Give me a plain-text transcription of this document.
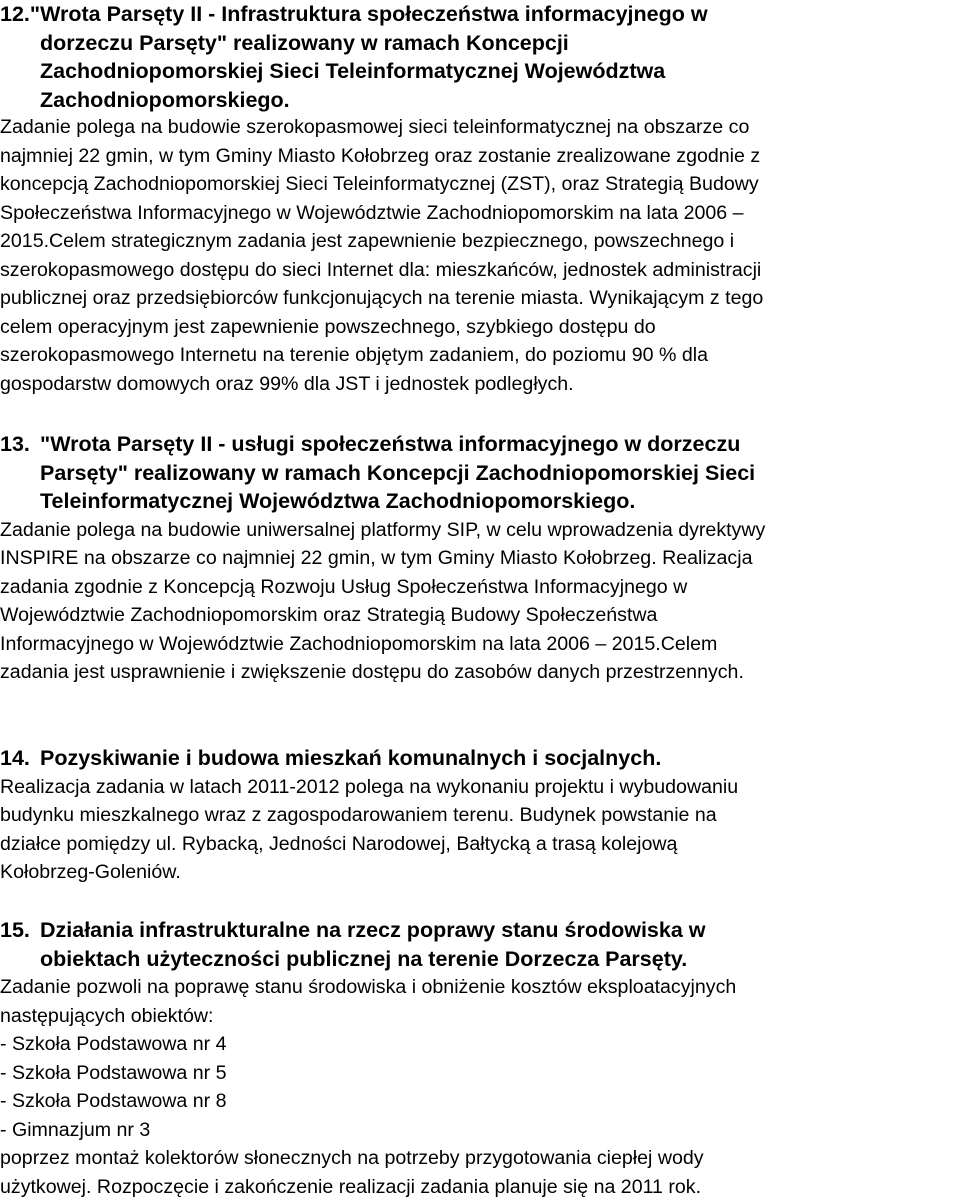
12."Wrota Parsęty II - Infrastruktura społeczeństwa informacyjnego w
dorzeczu Parsęty" realizowany w ramach Koncepcji
Zachodniopomorskiej Sieci Teleinformatycznej Województwa
Zachodniopomorskiego.
Zadanie polega na budowie szerokopasmowej sieci teleinformatycznej na obszarze co
najmniej 22 gmin, w tym Gminy Miasto Kołobrzeg oraz zostanie zrealizowane zgodnie z
koncepcją Zachodniopomorskiej Sieci Teleinformatycznej (ZST), oraz Strategią Budowy
Społeczeństwa Informacyjnego w Województwie Zachodniopomorskim na lata 2006 –
2015.Celem strategicznym zadania jest zapewnienie bezpiecznego, powszechnego i
szerokopasmowego dostępu do sieci Internet dla: mieszkańców, jednostek administracji
publicznej oraz przedsiębiorców funkcjonujących na terenie miasta. Wynikającym z tego
celem operacyjnym jest zapewnienie powszechnego, szybkiego dostępu do
szerokopasmowego Internetu na terenie objętym zadaniem, do poziomu 90 % dla
gospodarstw domowych oraz 99% dla JST i jednostek podległych.
13. "Wrota Parsęty II - usługi społeczeństwa informacyjnego w dorzeczu
Parsęty" realizowany w ramach Koncepcji Zachodniopomorskiej Sieci
Teleinformatycznej Województwa Zachodniopomorskiego.
Zadanie polega na budowie uniwersalnej platformy SIP, w celu wprowadzenia dyrektywy
INSPIRE na obszarze co najmniej 22 gmin, w tym Gminy Miasto Kołobrzeg. Realizacja
zadania zgodnie z Koncepcją Rozwoju Usług Społeczeństwa Informacyjnego w
Województwie Zachodniopomorskim oraz Strategią Budowy Społeczeństwa
Informacyjnego w Województwie Zachodniopomorskim na lata 2006 – 2015.Celem
zadania jest usprawnienie i zwiększenie dostępu do zasobów danych przestrzennych.
14. Pozyskiwanie i budowa mieszkań komunalnych i socjalnych.
Realizacja zadania w latach 2011-2012 polega na wykonaniu projektu i wybudowaniu
budynku mieszkalnego wraz z zagospodarowaniem terenu. Budynek powstanie na
działce pomiędzy ul. Rybacką, Jedności Narodowej, Bałtycką a trasą kolejową
Kołobrzeg-Goleniów.
15. Działania infrastrukturalne na rzecz poprawy stanu środowiska w
obiektach użyteczności publicznej na terenie Dorzecza Parsęty.
Zadanie pozwoli na poprawę stanu środowiska i obniżenie kosztów eksploatacyjnych
następujących obiektów:
- Szkoła Podstawowa nr 4
- Szkoła Podstawowa nr 5
- Szkoła Podstawowa nr 8
- Gimnazjum nr 3
poprzez montaż kolektorów słonecznych na potrzeby przygotowania ciepłej wody
użytkowej. Rozpoczęcie i zakończenie realizacji zadania planuje się na 2011 rok.
